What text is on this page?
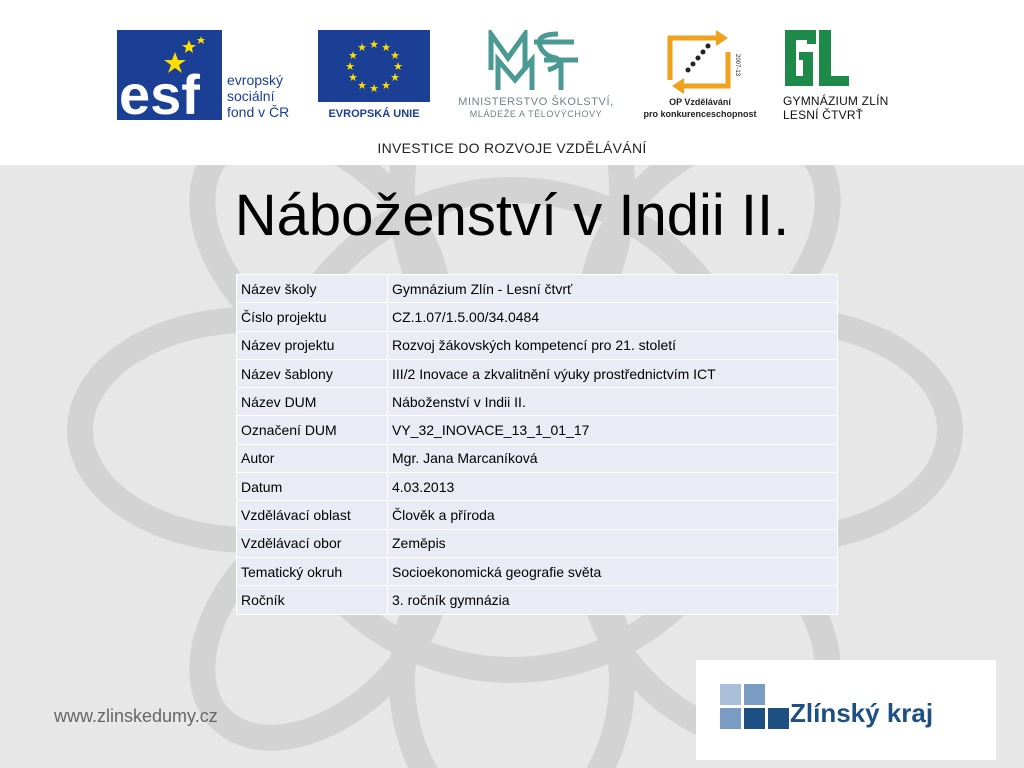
esf evropský
sociální
fond v ČR
★ ★
★
★
★
★
★
★
★
★
★
★
EVROPSKÁ UNIE
MINISTERSTVO ŠKOLSTVÍ,
MLÁDEŽE A TĚLOVÝCHOVY
2007-13
OP Vzdělávání
pro konkurenceschopnost
GYMNÁZIUM ZLÍN
LESNÍ ČTVRŤ
INVESTICE DO ROZVOJE VZDĚLÁVÁNÍ
Náboženství v Indii II.
Název školy	Gymnázium Zlín - Lesní čtvrť
Číslo projektu	CZ.1.07/1.5.00/34.0484
Název projektu	Rozvoj žákovských kompetencí pro 21. století
Název šablony	III/2 Inovace a zkvalitnění výuky prostřednictvím ICT
Název DUM	Náboženství v Indii II.
Označení DUM	VY_32_INOVACE_13_1_01_17
Autor	Mgr. Jana Marcaníková
Datum	4.03.2013
Vzdělávací oblast	Člověk a příroda
Vzdělávací obor	Zeměpis
Tematický okruh	Socioekonomická geografie světa
Ročník	3. ročník gymnázia
www.zlinskedumy.cz	Zlínský kraj
